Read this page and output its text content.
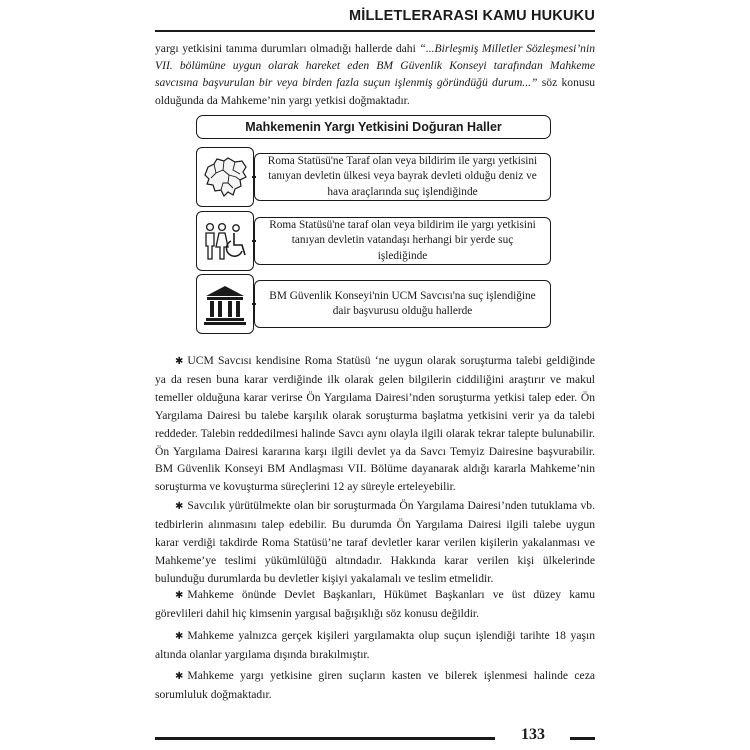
MİLLETLERARASI KAMU HUKUKU
yargı yetkisini tanıma durumları olmadığı hallerde dahi “...Birleşmiş Milletler Sözleşmesi’nin VII. bölümüne uygun olarak hareket eden BM Güvenlik Konseyi tarafından Mahkeme savcısına başvurulan bir veya birden fazla suçun işlenmiş göründüğü durum...” söz konusu olduğunda da Mahkeme’nin yargı yetkisi doğmaktadır.
Mahkemenin Yargı Yetkisini Doğuran Haller
Roma Statüsü'ne Taraf olan veya bildirim ile yargı yetkisini tanıyan devletin ülkesi veya bayrak devleti olduğu deniz ve hava araçlarında suç işlendiğinde
Roma Statüsü'ne taraf olan veya bildirim ile yargı yetkisini tanıyan devletin vatandaşı herhangi bir yerde suç işlediğinde
BM Güvenlik Konseyi'nin UCM Savcısı'na suç işlendiğine dair başvurusu olduğu hallerde
✱ UCM Savcısı kendisine Roma Statüsü ‘ne uygun olarak soruşturma talebi geldiğinde ya da resen buna karar verdiğinde ilk olarak gelen bilgilerin ciddiliğini araştırır ve makul temeller olduğuna karar verirse Ön Yargılama Dairesi’nden soruşturma yetkisi talep eder. Ön Yargılama Dairesi bu talebe karşılık olarak soruşturma başlatma yetkisini verir ya da talebi reddeder. Talebin reddedilmesi halinde Savcı aynı olayla ilgili olarak tekrar talepte bulunabilir. Ön Yargılama Dairesi kararına karşı ilgili devlet ya da Savcı Temyiz Dairesine başvurabilir. BM Güvenlik Konseyi BM Andlaşması VII. Bölüme dayanarak aldığı kararla Mahkeme’nin soruşturma ve kovuşturma süreçlerini 12 ay süreyle erteleyebilir.
✱ Savcılık yürütülmekte olan bir soruşturmada Ön Yargılama Dairesi’nden tutuklama vb. tedbirlerin alınmasını talep edebilir. Bu durumda Ön Yargılama Dairesi ilgili talebe uygun karar verdiği takdirde Roma Statüsü’ne taraf devletler karar verilen kişilerin yakalanması ve Mahkeme’ye teslimi yükümlülüğü altındadır. Hakkında karar verilen kişi ülkelerinde bulunduğu durumlarda bu devletler kişiyi yakalamalı ve teslim etmelidir.
✱ Mahkeme önünde Devlet Başkanları, Hükümet Başkanları ve üst düzey kamu görevlileri dahil hiç kimsenin yargısal bağışıklığı söz konusu değildir.
✱ Mahkeme yalnızca gerçek kişileri yargılamakta olup suçun işlendiği tarihte 18 yaşın altında olanlar yargılama dışında bırakılmıştır.
✱ Mahkeme yargı yetkisine giren suçların kasten ve bilerek işlenmesi halinde ceza sorumluluk doğmaktadır.
133
